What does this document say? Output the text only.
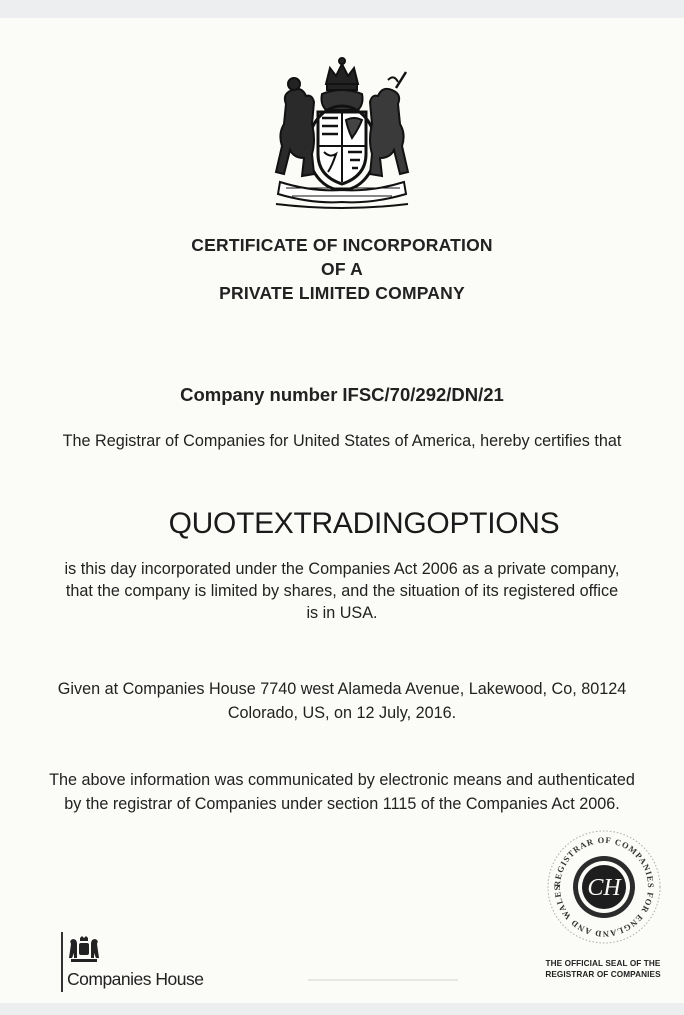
CERTIFICATE OF INCORPORATION
OF A
PRIVATE LIMITED COMPANY
Company number IFSC/70/292/DN/21
The Registrar of Companies for United States of America, hereby certifies that
QUOTEXTRADINGOPTIONS
is this day incorporated under the Companies Act 2006 as a private company,
that the company is limited by shares, and the situation of its registered office
is in USA.
Given at Companies House 7740 west Alameda Avenue, Lakewood, Co, 80124
Colorado, US, on 12 July, 2016.
The above information was communicated by electronic means and authenticated
by the registrar of Companies under section 1115 of the Companies Act 2006.
REGISTRAR OF COMPANIES FOR ENGLAND AND WALES	CH
THE OFFICIAL SEAL OF THE
REGISTRAR OF COMPANIES
Companies House
